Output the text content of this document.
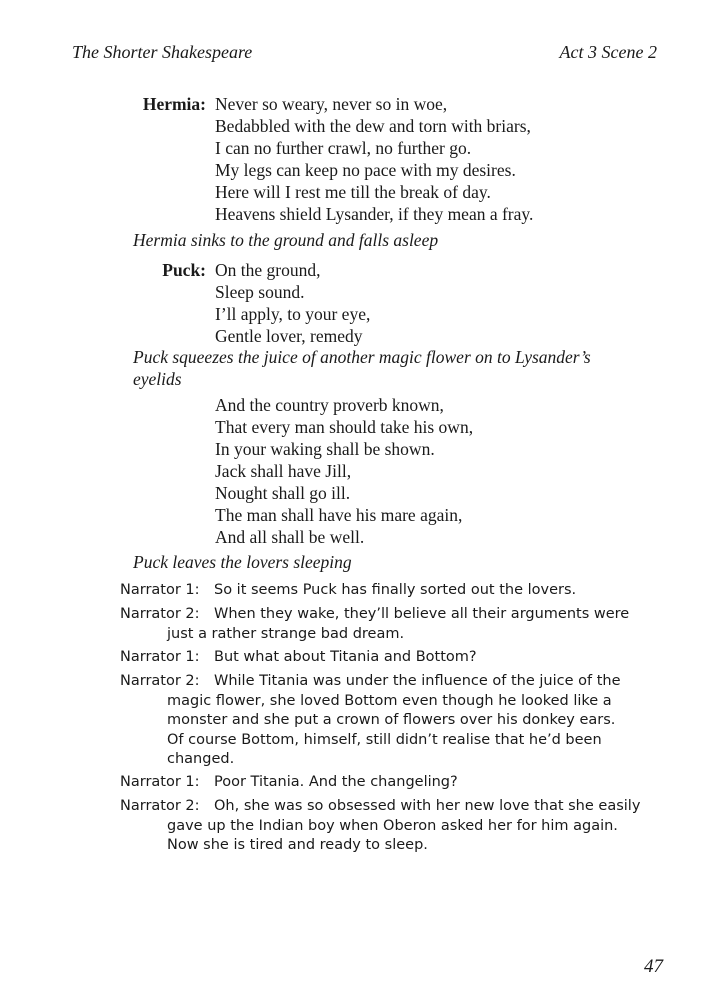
The Shorter Shakespeare	Act 3 Scene 2
Hermia: Never so weary, never so in woe,
Bedabbled with the dew and torn with briars,
I can no further crawl, no further go.
My legs can keep no pace with my desires.
Here will I rest me till the break of day.
Heavens shield Lysander, if they mean a fray.
Hermia sinks to the ground and falls asleep
Puck: On the ground,
Sleep sound.
I’ll apply, to your eye,
Gentle lover, remedy
Puck squeezes the juice of another magic flower on to Lysander’s
eyelids
And the country proverb known,
That every man should take his own,
In your waking shall be shown.
Jack shall have Jill,
Nought shall go ill.
The man shall have his mare again,
And all shall be well.
Puck leaves the lovers sleeping
Narrator 1: So it seems Puck has finally sorted out the lovers.
Narrator 2: When they wake, they’ll believe all their arguments were
just a rather strange bad dream.
Narrator 1: But what about Titania and Bottom?
Narrator 2: While Titania was under the influence of the juice of the
magic flower, she loved Bottom even though he looked like a
monster and she put a crown of flowers over his donkey ears.
Of course Bottom, himself, still didn’t realise that he’d been
changed.
Narrator 1: Poor Titania. And the changeling?
Narrator 2: Oh, she was so obsessed with her new love that she easily
gave up the Indian boy when Oberon asked her for him again.
Now she is tired and ready to sleep.
47
